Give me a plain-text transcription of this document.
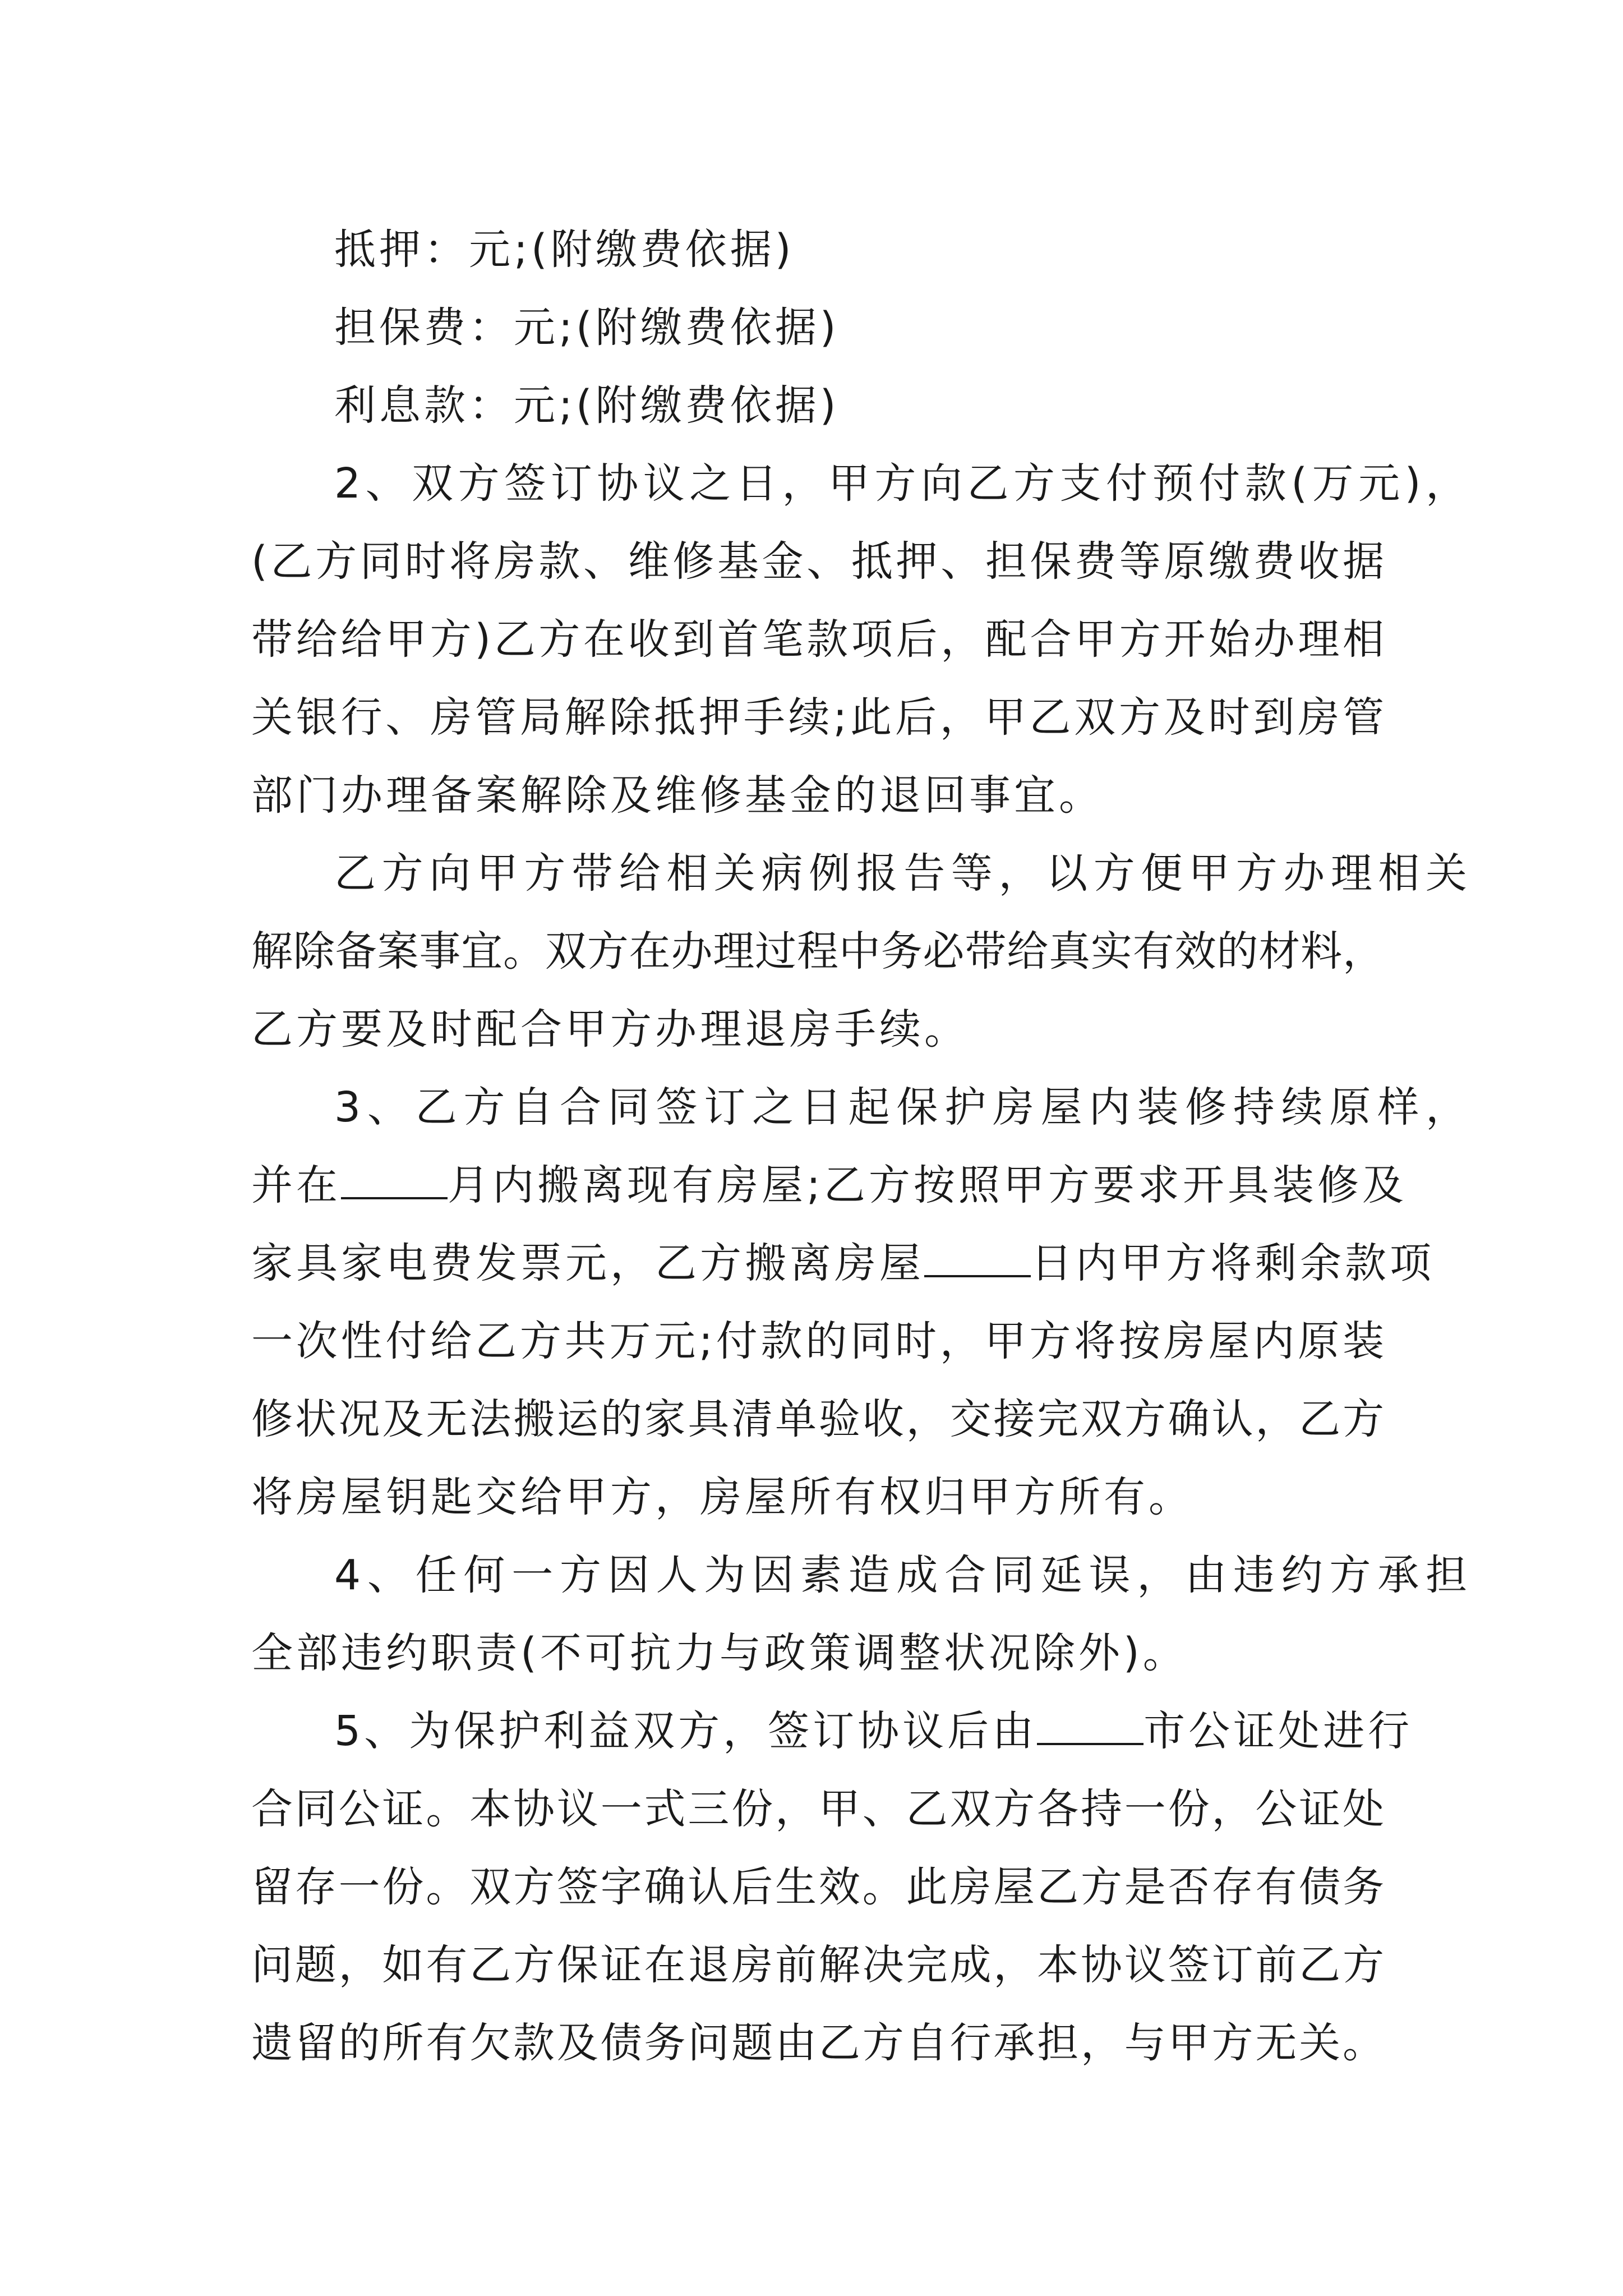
抵押：元;(附缴费依据)
担保费：元;(附缴费依据)
利息款：元;(附缴费依据)
2、双方签订协议之日，甲方向乙方支付预付款(万元)，
(乙方同时将房款、维修基金、抵押、担保费等原缴费收据
带给给甲方)乙方在收到首笔款项后，配合甲方开始办理相
关银行、房管局解除抵押手续;此后，甲乙双方及时到房管
部门办理备案解除及维修基金的退回事宜。
乙方向甲方带给相关病例报告等，以方便甲方办理相关
解除备案事宜。双方在办理过程中务必带给真实有效的材料，
乙方要及时配合甲方办理退房手续。
3、乙方自合同签订之日起保护房屋内装修持续原样，
并在	月内搬离现有房屋;乙方按照甲方要求开具装修及
家具家电费发票元，乙方搬离房屋	日内甲方将剩余款项
一次性付给乙方共万元;付款的同时，甲方将按房屋内原装
修状况及无法搬运的家具清单验收，交接完双方确认，乙方
将房屋钥匙交给甲方，房屋所有权归甲方所有。
4、任何一方因人为因素造成合同延误，由违约方承担
全部违约职责(不可抗力与政策调整状况除外)。
5、为保护利益双方，签订协议后由	市公证处进行
合同公证。本协议一式三份，甲、乙双方各持一份，公证处
留存一份。双方签字确认后生效。此房屋乙方是否存有债务
问题，如有乙方保证在退房前解决完成，本协议签订前乙方
遗留的所有欠款及债务问题由乙方自行承担，与甲方无关。
